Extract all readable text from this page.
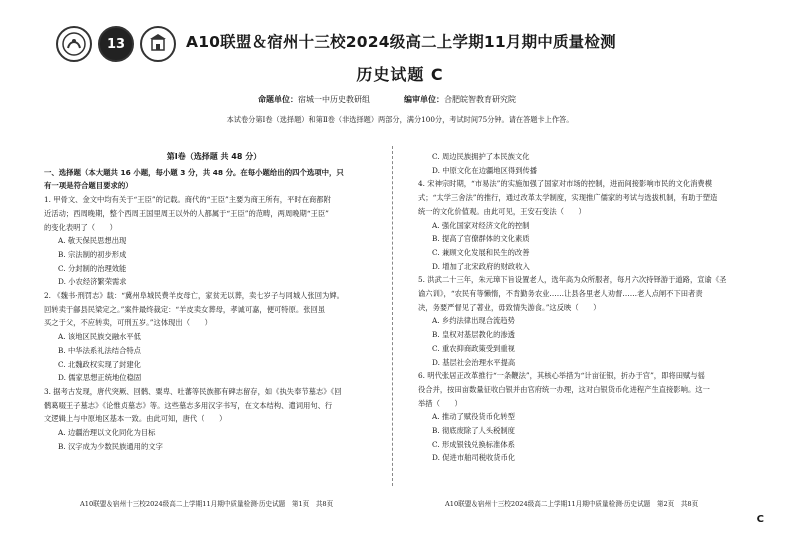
13	A10联盟＆宿州十三校2024级高二上学期11月期中质量检测
历史试题 C
命题单位：宿城一中历史教研组	编审单位：合肥皖智教育研究院
本试卷分第Ⅰ卷（选择题）和第Ⅱ卷（非选择题）两部分，满分100分，考试时间75分钟。请在答题卡上作答。
第Ⅰ卷（选择题 共 48 分）
一、选择题（本大题共 16 小题，每小题 3 分，共 48 分。在每小题给出的四个选项中，只
有一项是符合题目要求的）
1. 甲骨文、金文中均有关于“王臣”的记载。商代的“王臣”主要为商王所有，平时在商都附
近活动；西周晚期，整个西周王国里周王以外的人都属于“王臣”的范畴，两周晚期“王臣”
的变化表明了（　　）
A. 敬天保民思想出现
B. 宗法制的初步形成
C. 分封制的治理效能
D. 小农经济繁荣需求
2. 《魏书·刑罚志》载：“冀州阜城民费羊皮母亡，家贫无以葬，卖七岁子与同城人张回为婢。
回转卖于鄃县民梁定之。”案件最终裁定：“羊皮卖女葬母，孝诚可嘉，便可特原。张回虽
买之于父，不应转卖，可刑五岁。”这体现出（　　）
A. 该地区民族交融水平低
B. 中华法系礼法结合特点
C. 北魏政权实现了封建化
D. 儒家思想正统地位稳固
3. 据考古发现，唐代突厥、回鹘、粟卑、吐蕃等民族都有碑志留存，如《执失奉节墓志》《回
鹘葛啜王子墓志》《论惟贞墓志》等。这些墓志多用汉字书写，在文本结构、遣词用句、行
文逻辑上与中原地区基本一致。由此可知，唐代（　　）
A. 边疆治理以文化同化为目标
B. 汉字成为少数民族通用的文字
C. 周边民族拥护了本民族文化
D. 中原文化在边疆地区得到传播
4. 宋神宗时期，“市易法”的实施加强了国家对市场的控制，进而间接影响市民的文化消费模
式；“太学三舍法”的推行，通过改革太学制度，实现推广儒家的考试与选拔机制，有助于塑造
统一的文化价值观。由此可见，王安石变法（　　）
A. 强化国家对经济文化的控制
B. 提高了官僚群体的文化素质
C. 兼顾文化发展和民生的改善
D. 增加了北宋政府的财政收入
5. 洪武二十三年，朱元璋下旨设置老人，选年高为众所服者，每月六次持铎游于道路，宣谕《圣
谕六训》，“农民有等懒惰，不肯勤务农业……让县各里老人劝督……老人点闸不下田者责
决，务要严督见了著业，毋致情失游食。”这反映（　　）
A. 乡约法律出现合流趋势
B. 皇权对基层教化的渗透
C. 重农抑商政策受到重视
D. 基层社会治理水平提高
6. 明代张居正改革推行“一条鞭法”，其核心举措为“计亩征银，折办于官”，即将田赋与徭
役合并，按田亩数量征收白银并由官府统一办理，这对白银货币化进程产生直接影响。这一
举措（　　）
A. 推动了赋役货币化转型
B. 彻底废除了人头税制度
C. 形成银钱兑换标准体系
D. 促进市舶司税收货币化
A10联盟＆宿州十三校2024级高二上学期11月期中质量检测·历史试题　第1页　共8页	A10联盟＆宿州十三校2024级高二上学期11月期中质量检测·历史试题　第2页　共8页
C
